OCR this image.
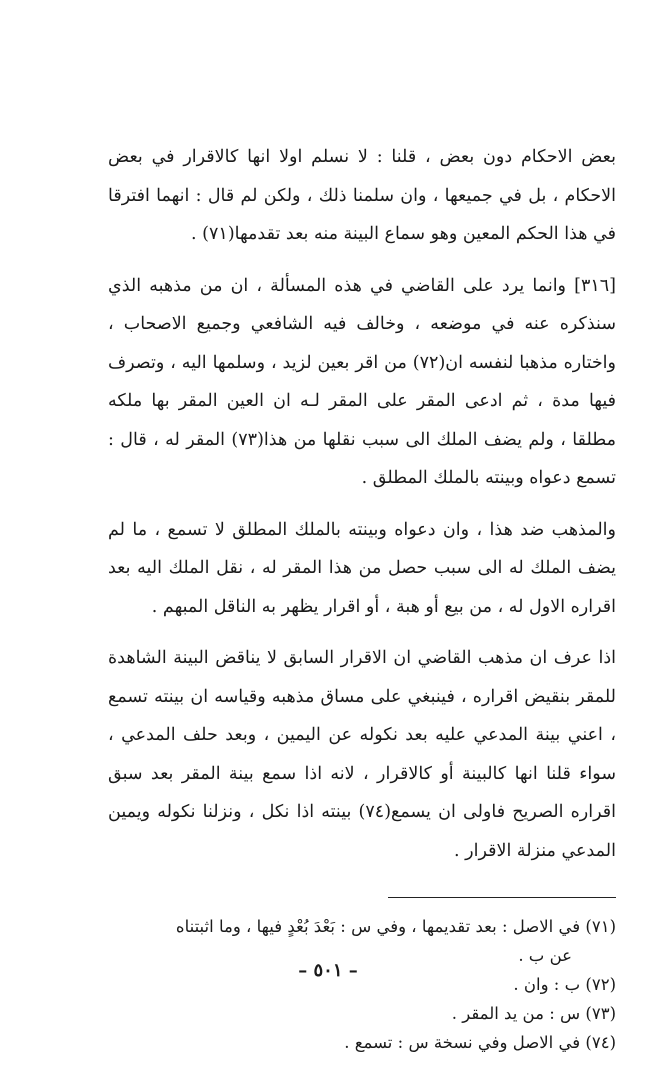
بعض الاحكام دون بعض ، قلنا : لا نسلم اولا انها كالاقرار في بعض الاحكام ، بل في جميعها ، وان سلمنا ذلك ، ولكن لم قال : انهما افترقا في هذا الحكم المعين وهو سماع البينة منه بعد تقدمها(٧١) .

[٣١٦] وانما يرد على القاضي في هذه المسألة ، ان من مذهبه الذي سنذكره عنه في موضعه ، وخالف فيه الشافعي وجميع الاصحاب ، واختاره مذهبا لنفسه ان(٧٢) من اقر بعين لزيد ، وسلمها اليه ، وتصرف فيها مدة ، ثم ادعى المقر على المقر لـه ان العين المقر بها ملكه مطلقا ، ولم يضف الملك الى سبب نقلها من هذا(٧٣) المقر له ، قال : تسمع دعواه وبينته بالملك المطلق .

والمذهب ضد هذا ، وان دعواه وبينته بالملك المطلق لا تسمع ، ما لم يضف الملك له الى سبب حصل من هذا المقر له ، نقل الملك اليه بعد اقراره الاول له ، من بيع أو هبة ، أو اقرار يظهر به الناقل المبهم .

اذا عرف ان مذهب القاضي ان الاقرار السابق لا يناقض البينة الشاهدة للمقر بنقيض اقراره ، فينبغي على مساق مذهبه وقياسه ان بينته تسمع ، اعني بينة المدعي عليه بعد نكوله عن اليمين ، وبعد حلف المدعي ، سواء قلنا انها كالبينة أو كالاقرار ، لانه اذا سمع بينة المقر بعد سبق اقراره الصريح فاولى ان يسمع(٧٤) بينته اذا نكل ، ونزلنا نكوله ويمين المدعي منزلة الاقرار .

(٧١) في الاصل : بعد تقديمها ، وفي س : بَعْدَ بُعْدٍ فيها ، وما اثبتناه

عن ب .

(٧٢) ب : وان .

(٧٣) س : من يد المقر .

(٧٤) في الاصل وفي نسخة س : تسمع .

– ٥٠١ –
